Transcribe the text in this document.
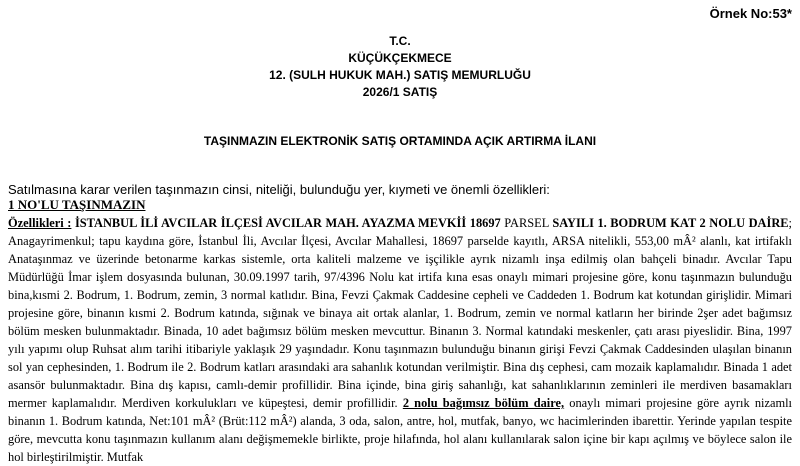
Örnek No:53*
T.C.
KÜÇÜKÇEKMECE
12. (SULH HUKUK MAH.) SATIŞ MEMURLUĞU
2026/1 SATIŞ
TAŞINMAZIN ELEKTRONİK SATIŞ ORTAMINDA AÇIK ARTIRMA İLANI
Satılmasına karar verilen taşınmazın cinsi, niteliği, bulunduğu yer, kıymeti ve önemli özellikleri:
1 NO'LU TAŞINMAZIN
Özellikleri : İSTANBUL İLİ AVCILAR İLÇESİ AVCILAR MAH. AYAZMA MEVKİİ 18697 PARSEL SAYILI 1. BODRUM KAT 2 NOLU DAİRE; Anagayrimenkul; tapu kaydına göre, İstanbul İli, Avcılar İlçesi, Avcılar Mahallesi, 18697 parselde kayıtlı, ARSA nitelikli, 553,00 mÂ² alanlı, kat irtifaklı Anataşınmaz ve üzerinde betonarme karkas sistemle, orta kaliteli malzeme ve işçilikle ayrık nizamlı inşa edilmiş olan bahçeli binadır. Avcılar Tapu Müdürlüğü İmar işlem dosyasında bulunan, 30.09.1997 tarih, 97/4396 Nolu kat irtifa kına esas onaylı mimari projesine göre, konu taşınmazın bulunduğu bina,kısmi 2. Bodrum, 1. Bodrum, zemin, 3 normal katlıdır. Bina, Fevzi Çakmak Caddesine cepheli ve Caddeden 1. Bodrum kat kotundan girişlidir. Mimari projesine göre, binanın kısmi 2. Bodrum katında, sığınak ve binaya ait ortak alanlar, 1. Bodrum, zemin ve normal katların her birinde 2şer adet bağımsız bölüm mesken bulunmaktadır. Binada, 10 adet bağımsız bölüm mesken mevcuttur. Binanın 3. Normal katındaki meskenler, çatı arası piyeslidir. Bina, 1997 yılı yapımı olup Ruhsat alım tarihi itibariyle yaklaşık 29 yaşındadır. Konu taşınmazın bulunduğu binanın girişi Fevzi Çakmak Caddesinden ulaşılan binanın sol yan cephesinden, 1. Bodrum ile 2. Bodrum katları arasındaki ara sahanlık kotundan verilmiştir. Bina dış cephesi, cam mozaik kaplamalıdır. Binada 1 adet asansör bulunmaktadır. Bina dış kapısı, camlı-demir profillidir. Bina içinde, bina giriş sahanlığı, kat sahanlıklarının zeminleri ile merdiven basamakları mermer kaplamalıdır. Merdiven korkulukları ve küpeştesi, demir profillidir. 2 nolu bağımsız bölüm daire, onaylı mimari projesine göre ayrık nizamlı binanın 1. Bodrum katında, Net:101 mÂ² (Brüt:112 mÂ²) alanda, 3 oda, salon, antre, hol, mutfak, banyo, wc hacimlerinden ibarettir. Yerinde yapılan tespite göre, mevcutta konu taşınmazın kullanım alanı değişmemekle birlikte, proje hilafında, hol alanı kullanılarak salon içine bir kapı açılmış ve böylece salon ile hol birleştirilmiştir. Mutfak
